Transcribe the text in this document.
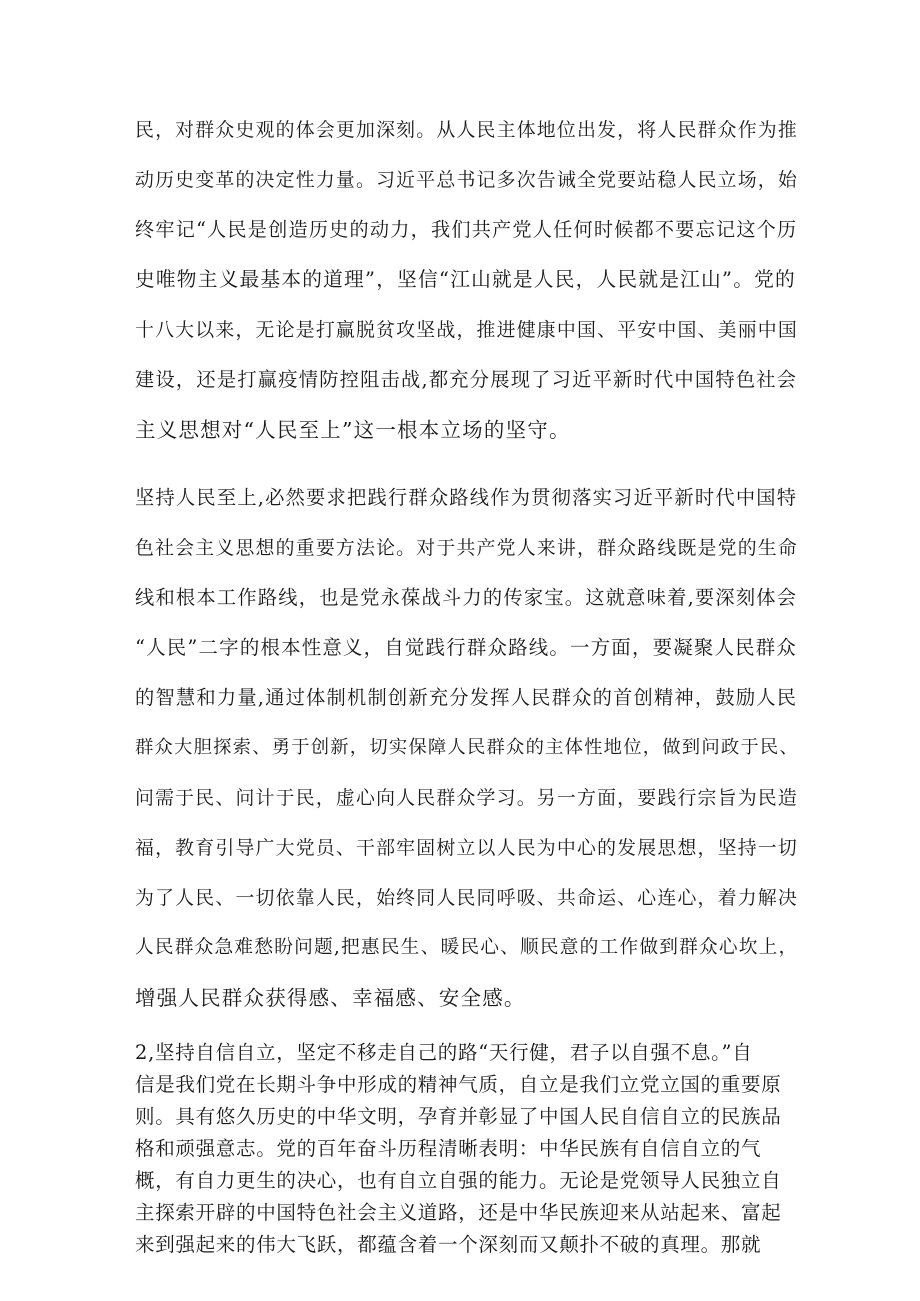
民，对群众史观的体会更加深刻。从人民主体地位出发，将人民群众作为推
动历史变革的决定性力量。习近平总书记多次告诫全党要站稳人民立场，始
终牢记“人民是创造历史的动力，我们共产党人任何时候都不要忘记这个历
史唯物主义最基本的道理”，坚信“江山就是人民，人民就是江山”。党的
十八大以来，无论是打赢脱贫攻坚战，推进健康中国、平安中国、美丽中国
建设，还是打赢疫情防控阻击战,都充分展现了习近平新时代中国特色社会
主义思想对“人民至上”这一根本立场的坚守。
坚持人民至上,必然要求把践行群众路线作为贯彻落实习近平新时代中国特
色社会主义思想的重要方法论。对于共产党人来讲，群众路线既是党的生命
线和根本工作路线，也是党永葆战斗力的传家宝。这就意味着,要深刻体会
“人民”二字的根本性意义，自觉践行群众路线。一方面，要凝聚人民群众
的智慧和力量,通过体制机制创新充分发挥人民群众的首创精神，鼓励人民
群众大胆探索、勇于创新，切实保障人民群众的主体性地位，做到问政于民、
问需于民、问计于民，虚心向人民群众学习。另一方面，要践行宗旨为民造
福，教育引导广大党员、干部牢固树立以人民为中心的发展思想，坚持一切
为了人民、一切依靠人民，始终同人民同呼吸、共命运、心连心，着力解决
人民群众急难愁盼问题,把惠民生、暖民心、顺民意的工作做到群众心坎上，
增强人民群众获得感、幸福感、安全感。
2,坚持自信自立，坚定不移走自己的路“天行健，君子以自强不息。”自
信是我们党在长期斗争中形成的精神气质，自立是我们立党立国的重要原
则。具有悠久历史的中华文明，孕育并彰显了中国人民自信自立的民族品
格和顽强意志。党的百年奋斗历程清晰表明：中华民族有自信自立的气
概，有自力更生的决心，也有自立自强的能力。无论是党领导人民独立自
主探索开辟的中国特色社会主义道路，还是中华民族迎来从站起来、富起
来到强起来的伟大飞跃，都蕴含着一个深刻而又颠扑不破的真理。那就
